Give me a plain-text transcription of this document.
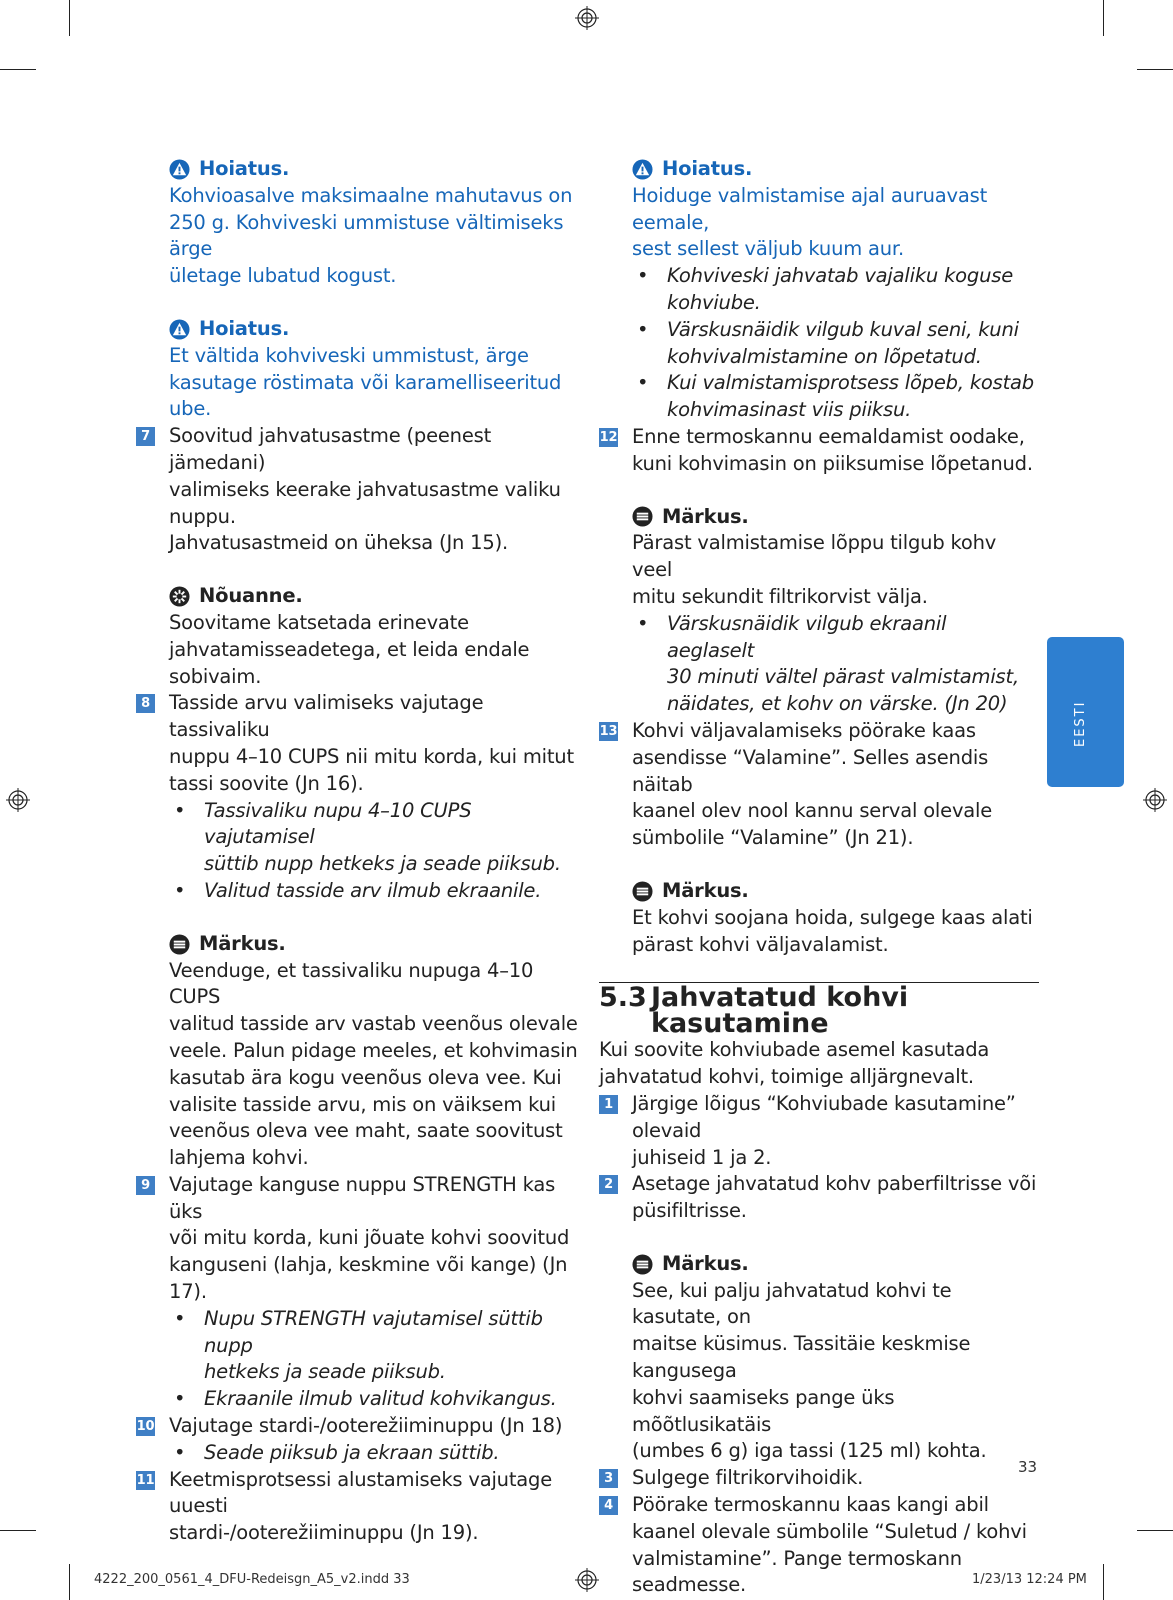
Hoiatus.
Kohvioasalve maksimaalne mahutavus on
250 g. Kohviveski ummistuse vältimiseks ärge
ületage lubatud kogust.
Hoiatus.
Et vältida kohviveski ummistust, ärge
kasutage röstimata või karamelliseeritud ube.
7 Soovitud jahvatusastme (peenest jämedani)
valimiseks keerake jahvatusastme valiku nuppu.
Jahvatusastmeid on üheksa (Jn 15).
Nõuanne.
Soovitame katsetada erinevate
jahvatamisseadetega, et leida endale sobivaim.
8 Tasside arvu valimiseks vajutage tassivaliku
nuppu 4–10 CUPS nii mitu korda, kui mitut
tassi soovite (Jn 16).
• Tassivaliku nupu 4–10 CUPS vajutamisel
süttib nupp hetkeks ja seade piiksub.
• Valitud tasside arv ilmub ekraanile.
Märkus.
Veenduge, et tassivaliku nupuga 4–10 CUPS
valitud tasside arv vastab veenõus olevale
veele. Palun pidage meeles, et kohvimasin
kasutab ära kogu veenõus oleva vee. Kui
valisite tasside arvu, mis on väiksem kui
veenõus oleva vee maht, saate soovitust
lahjema kohvi.
9 Vajutage kanguse nuppu STRENGTH kas üks
või mitu korda, kuni jõuate kohvi soovitud
kanguseni (lahja, keskmine või kange) (Jn 17).
• Nupu STRENGTH vajutamisel süttib nupp
hetkeks ja seade piiksub.
• Ekraanile ilmub valitud kohvikangus.
10 Vajutage stardi-/ooterežiiminuppu (Jn 18)
• Seade piiksub ja ekraan süttib.
11 Keetmisprotsessi alustamiseks vajutage uuesti
stardi-/ooterežiiminuppu (Jn 19).
Hoiatus.
Hoiduge valmistamise ajal auruavast eemale,
sest sellest väljub kuum aur.
• Kohviveski jahvatab vajaliku koguse
kohviube.
• Värskusnäidik vilgub kuval seni, kuni
kohvivalmistamine on lõpetatud.
• Kui valmistamisprotsess lõpeb, kostab
kohvimasinast viis piiksu.
12 Enne termoskannu eemaldamist oodake,
kuni kohvimasin on piiksumise lõpetanud.
Märkus.
Pärast valmistamise lõppu tilgub kohv veel
mitu sekundit filtrikorvist välja.
• Värskusnäidik vilgub ekraanil aeglaselt
30 minuti vältel pärast valmistamist,
näidates, et kohv on värske. (Jn 20)
13 Kohvi väljavalamiseks pöörake kaas
asendisse “Valamine”. Selles asendis näitab
kaanel olev nool kannu serval olevale
sümbolile “Valamine” (Jn 21).
Märkus.
Et kohvi soojana hoida, sulgege kaas alati
pärast kohvi väljavalamist.
5.3 Jahvatatud kohvi
kasutamine
Kui soovite kohviubade asemel kasutada
jahvatatud kohvi, toimige alljärgnevalt.
1 Järgige lõigus “Kohviubade kasutamine” olevaid
juhiseid 1 ja 2.
2 Asetage jahvatatud kohv paberfiltrisse või
püsifiltrisse.
Märkus.
See, kui palju jahvatatud kohvi te kasutate, on
maitse küsimus. Tassitäie keskmise kangusega
kohvi saamiseks pange üks mõõtlusikatäis
(umbes 6 g) iga tassi (125 ml) kohta.
3 Sulgege filtrikorvihoidik.
4 Pöörake termoskannu kaas kangi abil
kaanel olevale sümbolile “Suletud / kohvi
valmistamine”. Pange termoskann seadmesse.
EESTI
33
4222_200_0561_4_DFU-Redeisgn_A5_v2.indd 33	1/23/13 12:24 PM
